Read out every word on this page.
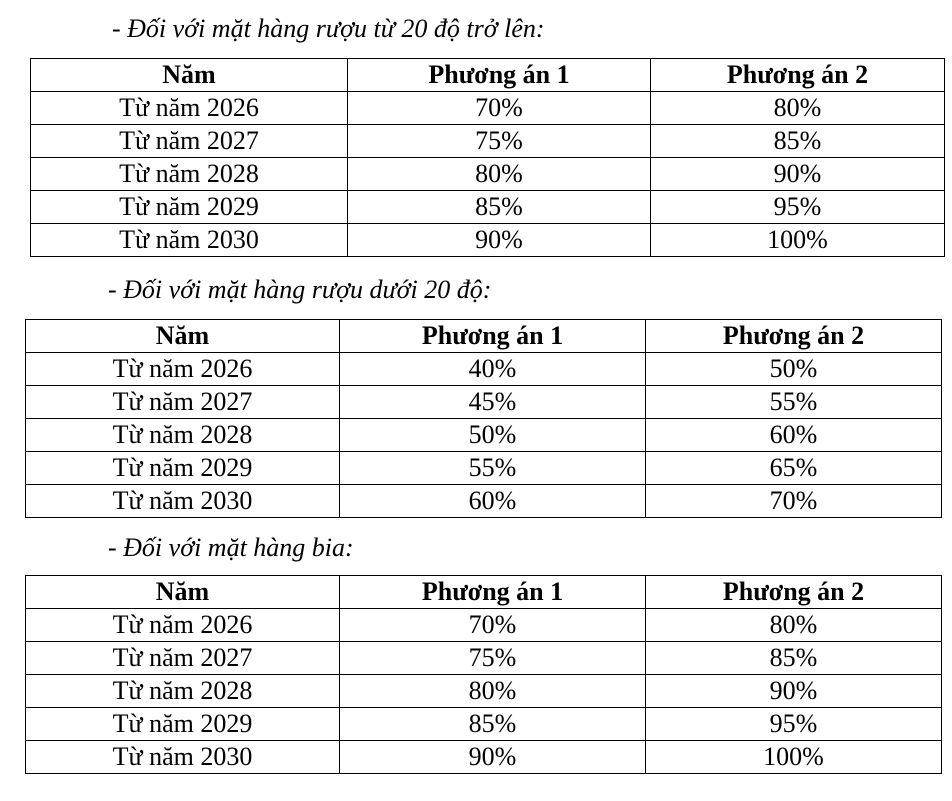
- Đối với mặt hàng rượu từ 20 độ trở lên:
Năm	Phương án 1	Phương án 2
Từ năm 2026	70%	80%
Từ năm 2027	75%	85%
Từ năm 2028	80%	90%
Từ năm 2029	85%	95%
Từ năm 2030	90%	100%
- Đối với mặt hàng rượu dưới 20 độ:
Năm	Phương án 1	Phương án 2
Từ năm 2026	40%	50%
Từ năm 2027	45%	55%
Từ năm 2028	50%	60%
Từ năm 2029	55%	65%
Từ năm 2030	60%	70%
- Đối với mặt hàng bia:
Năm	Phương án 1	Phương án 2
Từ năm 2026	70%	80%
Từ năm 2027	75%	85%
Từ năm 2028	80%	90%
Từ năm 2029	85%	95%
Từ năm 2030	90%	100%
